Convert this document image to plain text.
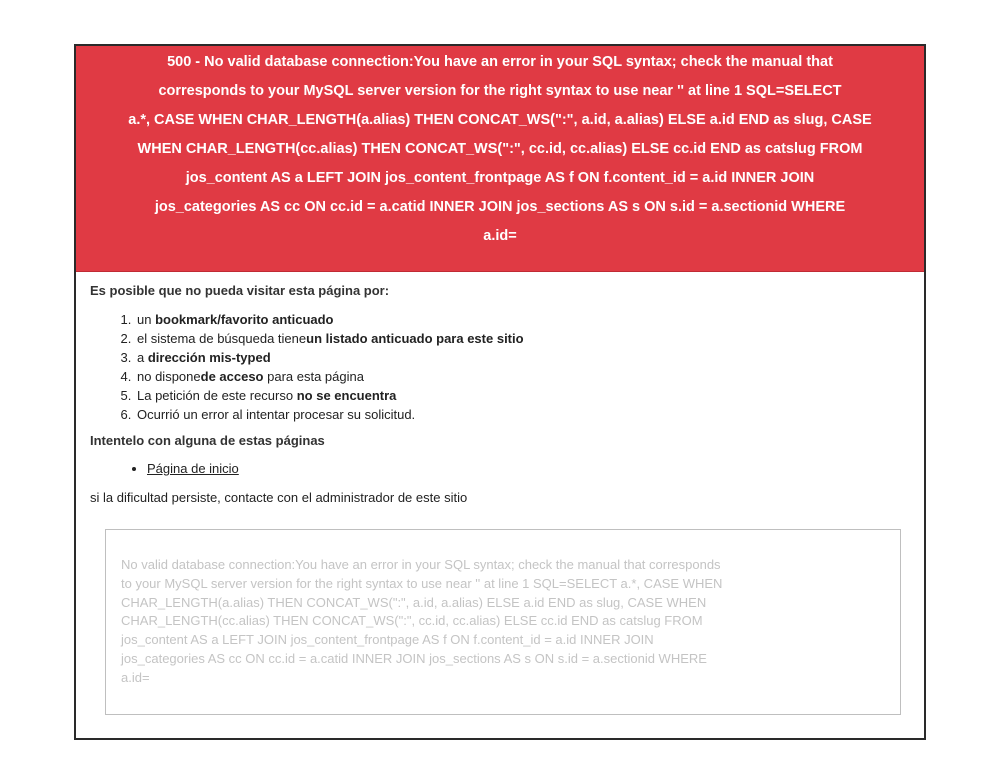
500 - No valid database connection:You have an error in your SQL syntax; check the manual that
corresponds to your MySQL server version for the right syntax to use near '' at line 1 SQL=SELECT
a.*, CASE WHEN CHAR_LENGTH(a.alias) THEN CONCAT_WS(":", a.id, a.alias) ELSE a.id END as slug, CASE
WHEN CHAR_LENGTH(cc.alias) THEN CONCAT_WS(":", cc.id, cc.alias) ELSE cc.id END as catslug FROM
jos_content AS a LEFT JOIN jos_content_frontpage AS f ON f.content_id = a.id INNER JOIN
jos_categories AS cc ON cc.id = a.catid INNER JOIN jos_sections AS s ON s.id = a.sectionid WHERE
a.id=

Es posible que no pueda visitar esta página por:

1. un bookmark/favorito anticuado
2. el sistema de búsqueda tieneun listado anticuado para este sitio
3. a dirección mis-typed
4. no disponede acceso para esta página
5. La petición de este recurso no se encuentra
6. Ocurrió un error al intentar procesar su solicitud.

Intentelo con alguna de estas páginas

• Página de inicio

si la dificultad persiste, contacte con el administrador de este sitio

No valid database connection:You have an error in your SQL syntax; check the manual that corresponds
to your MySQL server version for the right syntax to use near '' at line 1 SQL=SELECT a.*, CASE WHEN
CHAR_LENGTH(a.alias) THEN CONCAT_WS(":", a.id, a.alias) ELSE a.id END as slug, CASE WHEN
CHAR_LENGTH(cc.alias) THEN CONCAT_WS(":", cc.id, cc.alias) ELSE cc.id END as catslug FROM
jos_content AS a LEFT JOIN jos_content_frontpage AS f ON f.content_id = a.id INNER JOIN
jos_categories AS cc ON cc.id = a.catid INNER JOIN jos_sections AS s ON s.id = a.sectionid WHERE
a.id=
